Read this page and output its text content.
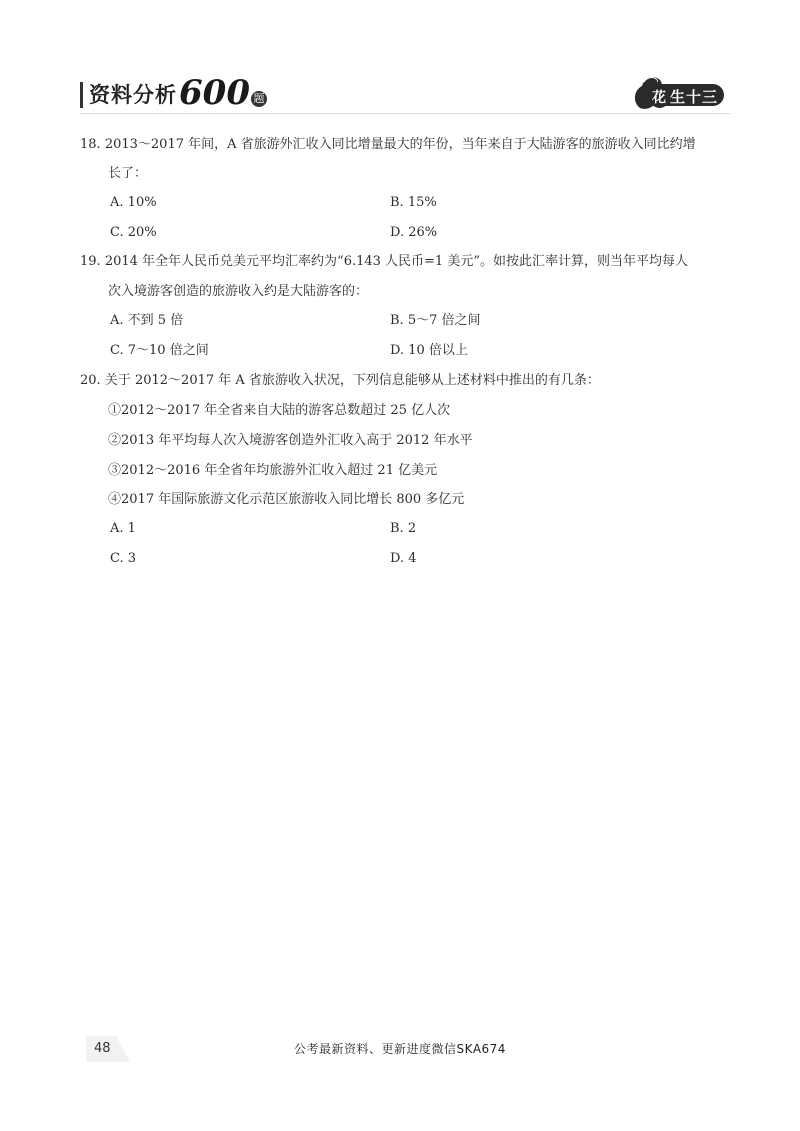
资料分析 600 题	花 生十三
18. 2013～2017 年间，A 省旅游外汇收入同比增量最大的年份，当年来自于大陆游客的旅游收入同比约增
长了：
A. 10%	B. 15%
C. 20%	D. 26%
19. 2014 年全年人民币兑美元平均汇率约为“6.143 人民币=1 美元”。如按此汇率计算，则当年平均每人
次入境游客创造的旅游收入约是大陆游客的：
A. 不到 5 倍	B. 5～7 倍之间
C. 7～10 倍之间	D. 10 倍以上
20. 关于 2012～2017 年 A 省旅游收入状况，下列信息能够从上述材料中推出的有几条：
①2012～2017 年全省来自大陆的游客总数超过 25 亿人次
②2013 年平均每人次入境游客创造外汇收入高于 2012 年水平
③2012～2016 年全省年均旅游外汇收入超过 21 亿美元
④2017 年国际旅游文化示范区旅游收入同比增长 800 多亿元
A. 1	B. 2
C. 3	D. 4
48	公考最新资料、更新进度微信SKA674
